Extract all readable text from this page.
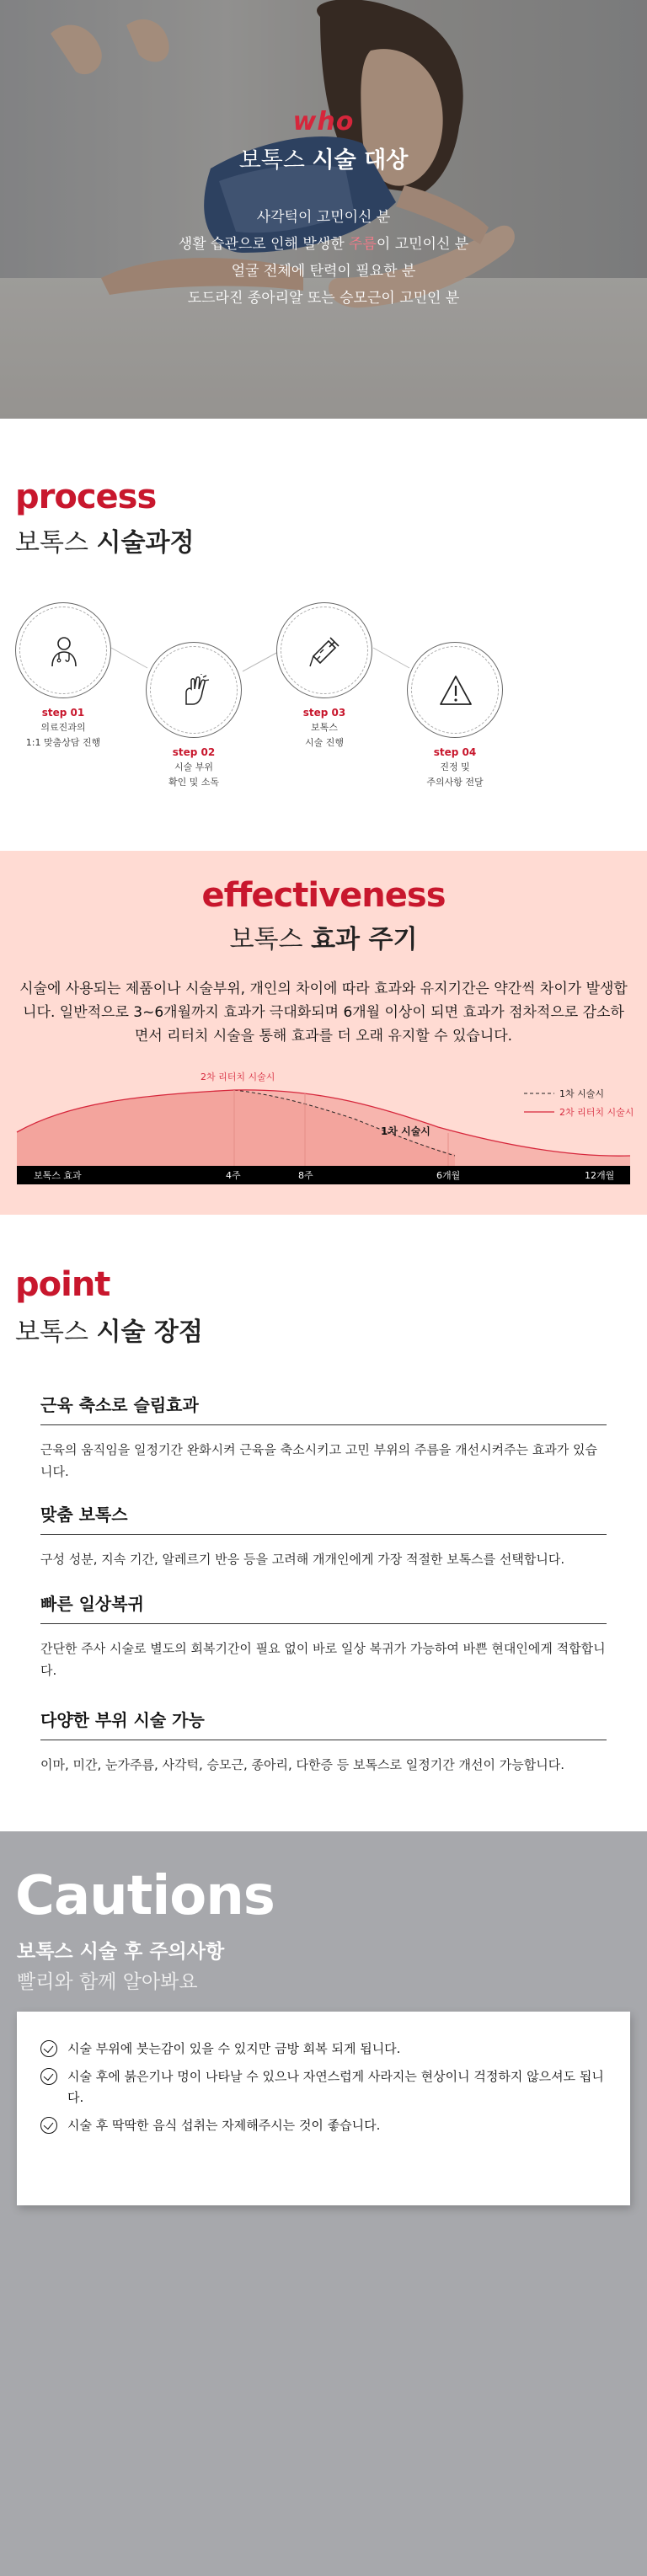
who
보톡스 시술 대상
사각턱이 고민이신 분
생활 습관으로 인해 발생한 주름이 고민이신 분
얼굴 전체에 탄력이 필요한 분
도드라진 종아리알 또는 승모근이 고민인 분
process
보톡스 시술과정
step 01
의료진과의
1:1 맞춤상담 진행
step 02
시술 부위
확인 및 소독
step 03
보톡스
시술 진행
step 04
진정 및
주의사항 전달
effectiveness
보톡스 효과 주기
시술에 사용되는 제품이나 시술부위, 개인의 차이에 따라 효과와 유지기간은 약간씩 차이가 발생합니다. 일반적으로 3~6개월까지 효과가 극대화되며 6개월 이상이 되면 효과가 점차적으로 감소하면서 리터치 시술을 통해 효과를 더 오래 유지할 수 있습니다.
2차 리터치 시술시
1차 시술시
1차 시술시
2차 리터치 시술시
보톡스 효과	4주	8주	6개월	12개월
point
보톡스 시술 장점
근육 축소로 슬림효과

근육의 움직임을 일정기간 완화시켜 근육을 축소시키고 고민 부위의 주름을 개선시켜주는 효과가 있습니다.

맞춤 보톡스

구성 성분, 지속 기간, 알레르기 반응 등을 고려해 개개인에게 가장 적절한 보톡스를 선택합니다.

빠른 일상복귀

간단한 주사 시술로 별도의 회복기간이 필요 없이 바로 일상 복귀가 가능하여 바쁜 현대인에게 적합합니다.

다양한 부위 시술 가능

이마, 미간, 눈가주름, 사각턱, 승모근, 종아리, 다한증 등 보톡스로 일정기간 개선이 가능합니다.

Cautions
보톡스 시술 후 주의사항
빨리와 함께 알아봐요
시술 부위에 붓는감이 있을 수 있지만 금방 회복 되게 됩니다.
시술 후에 붉은기나 멍이 나타날 수 있으나 자연스럽게 사라지는 현상이니 걱정하지 않으셔도 됩니다.
시술 후 딱딱한 음식 섭취는 자제해주시는 것이 좋습니다.
